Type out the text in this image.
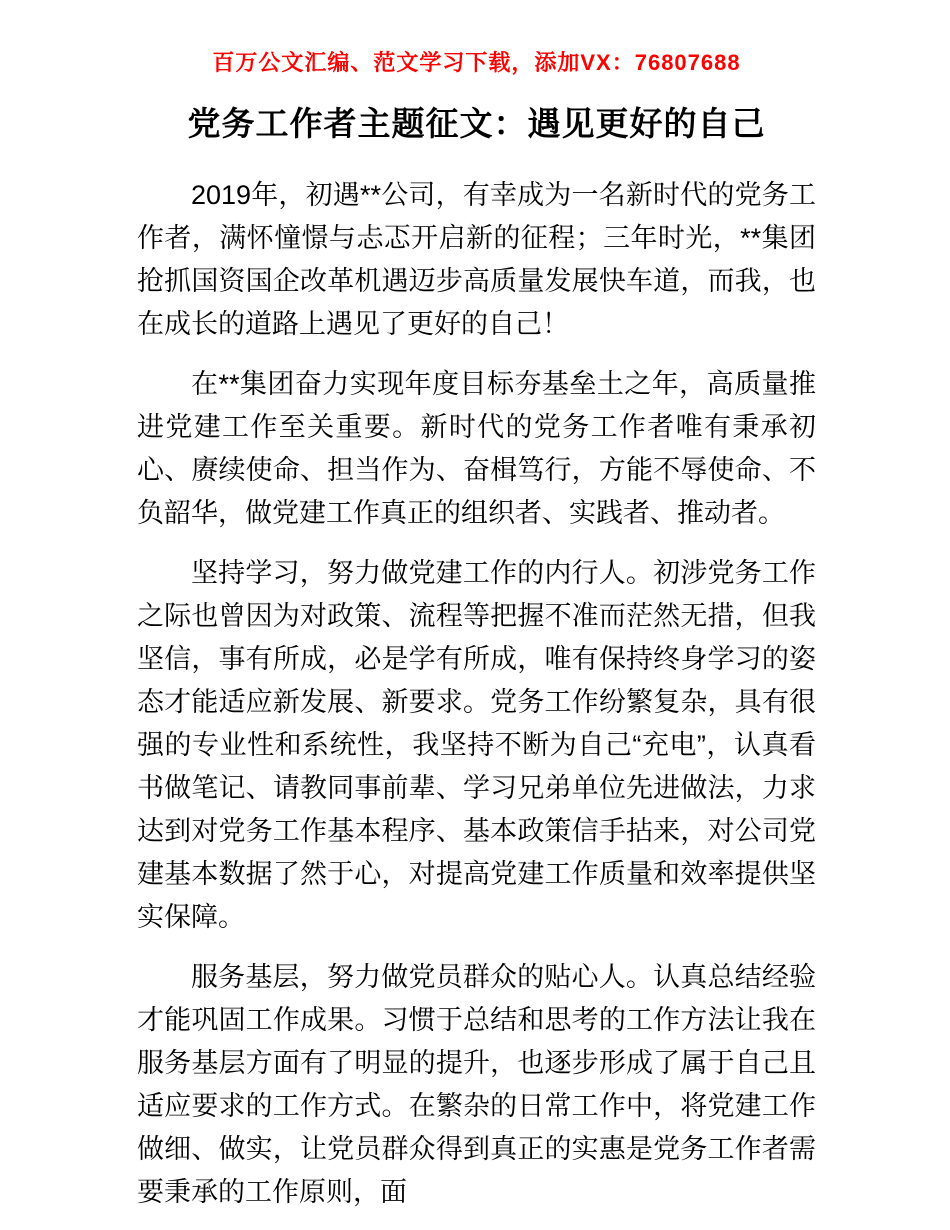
百万公文汇编、范文学习下载，添加VX：76807688
党务工作者主题征文：遇见更好的自己

2019年，初遇**公司，有幸成为一名新时代的党务工作者，满怀憧憬与忐忑开启新的征程；三年时光，**集团抢抓国资国企改革机遇迈步高质量发展快车道，而我，也在成长的道路上遇见了更好的自己！

在**集团奋力实现年度目标夯基垒土之年，高质量推进党建工作至关重要。新时代的党务工作者唯有秉承初心、赓续使命、担当作为、奋楫笃行，方能不辱使命、不负韶华，做党建工作真正的组织者、实践者、推动者。

坚持学习，努力做党建工作的内行人。初涉党务工作之际也曾因为对政策、流程等把握不准而茫然无措，但我坚信，事有所成，必是学有所成，唯有保持终身学习的姿态才能适应新发展、新要求。党务工作纷繁复杂，具有很强的专业性和系统性，我坚持不断为自己“充电”，认真看书做笔记、请教同事前辈、学习兄弟单位先进做法，力求达到对党务工作基本程序、基本政策信手拈来，对公司党建基本数据了然于心，对提高党建工作质量和效率提供坚实保障。

服务基层，努力做党员群众的贴心人。认真总结经验才能巩固工作成果。习惯于总结和思考的工作方法让我在服务基层方面有了明显的提升，也逐步形成了属于自己且适应要求的工作方式。在繁杂的日常工作中，将党建工作做细、做实，让党员群众得到真正的实惠是党务工作者需要秉承的工作原则，面
